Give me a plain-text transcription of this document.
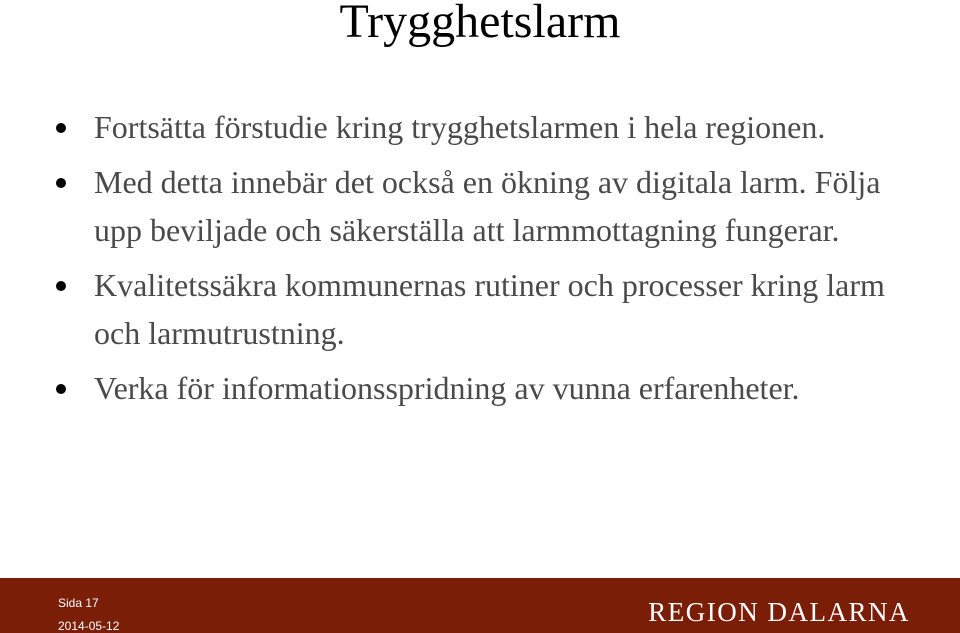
Trygghetslarm
Fortsätta förstudie kring trygghetslarmen i hela regionen.
Med detta innebär det också en ökning av digitala larm. Följa upp beviljade och säkerställa att larmmottagning fungerar.
Kvalitetssäkra kommunernas rutiner och processer kring larm och larmutrustning.
Verka för informationsspridning av vunna erfarenheter.
Sida 17
2014-05-12	REGION DALARNA
